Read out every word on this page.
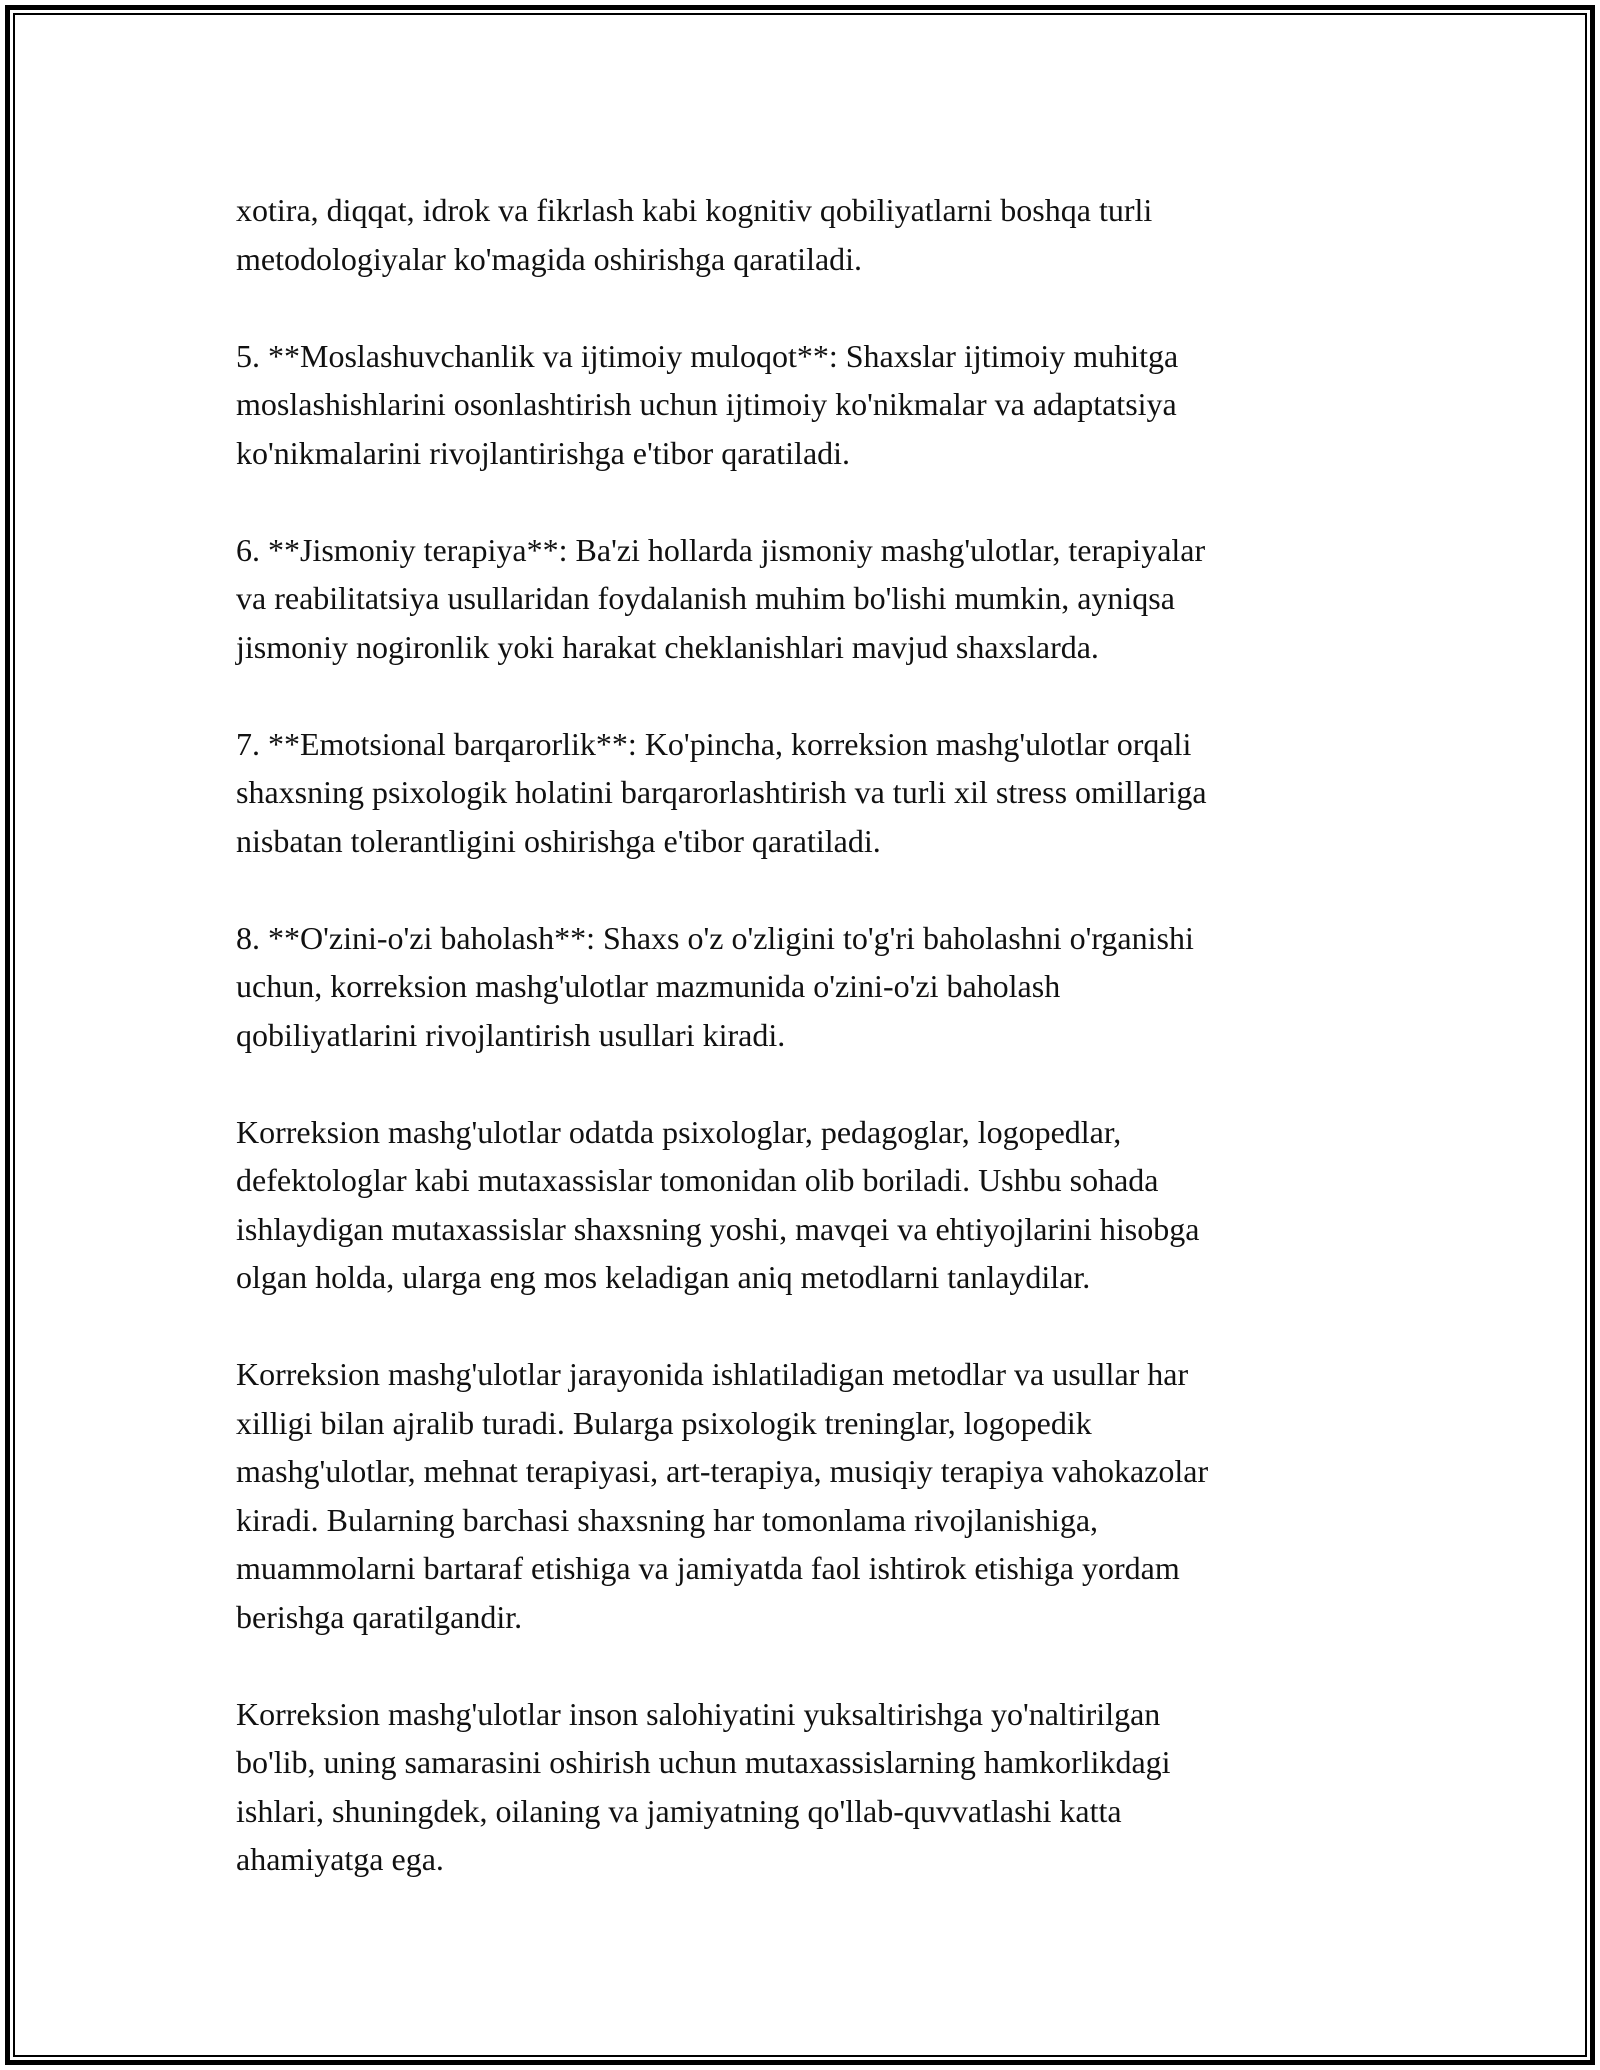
xotira, diqqat, idrok va fikrlash kabi kognitiv qobiliyatlarni boshqa turli
metodologiyalar ko'magida oshirishga qaratiladi.

5. **Moslashuvchanlik va ijtimoiy muloqot**: Shaxslar ijtimoiy muhitga
moslashishlarini osonlashtirish uchun ijtimoiy ko'nikmalar va adaptatsiya
ko'nikmalarini rivojlantirishga e'tibor qaratiladi.

6. **Jismoniy terapiya**: Ba'zi hollarda jismoniy mashg'ulotlar, terapiyalar
va reabilitatsiya usullaridan foydalanish muhim bo'lishi mumkin, ayniqsa
jismoniy nogironlik yoki harakat cheklanishlari mavjud shaxslarda.

7. **Emotsional barqarorlik**: Ko'pincha, korreksion mashg'ulotlar orqali
shaxsning psixologik holatini barqarorlashtirish va turli xil stress omillariga
nisbatan tolerantligini oshirishga e'tibor qaratiladi.

8. **O'zini-o'zi baholash**: Shaxs o'z o'zligini to'g'ri baholashni o'rganishi
uchun, korreksion mashg'ulotlar mazmunida o'zini-o'zi baholash
qobiliyatlarini rivojlantirish usullari kiradi.

Korreksion mashg'ulotlar odatda psixologlar, pedagoglar, logopedlar,
defektologlar kabi mutaxassislar tomonidan olib boriladi. Ushbu sohada
ishlaydigan mutaxassislar shaxsning yoshi, mavqei va ehtiyojlarini hisobga
olgan holda, ularga eng mos keladigan aniq metodlarni tanlaydilar.

Korreksion mashg'ulotlar jarayonida ishlatiladigan metodlar va usullar har
xilligi bilan ajralib turadi. Bularga psixologik treninglar, logopedik
mashg'ulotlar, mehnat terapiyasi, art-terapiya, musiqiy terapiya vahokazolar
kiradi. Bularning barchasi shaxsning har tomonlama rivojlanishiga,
muammolarni bartaraf etishiga va jamiyatda faol ishtirok etishiga yordam
berishga qaratilgandir.

Korreksion mashg'ulotlar inson salohiyatini yuksaltirishga yo'naltirilgan
bo'lib, uning samarasini oshirish uchun mutaxassislarning hamkorlikdagi
ishlari, shuningdek, oilaning va jamiyatning qo'llab-quvvatlashi katta
ahamiyatga ega.
